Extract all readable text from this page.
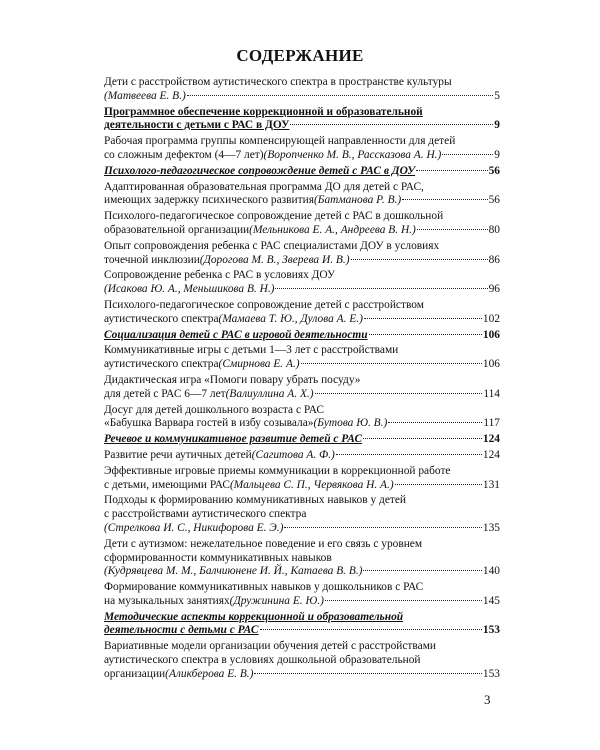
СОДЕРЖАНИЕ
Дети с расстройством аутистического спектра в пространстве культуры
(Матвеева Е. В.)	5
Программное обеспечение коррекционной и образовательной
деятельности с детьми с РАС в ДОУ	9
Рабочая программа группы компенсирующей направленности для детей
со сложным дефектом (4—7 лет) (Ворonченко М. В., Рассказова А. Н.)	9
Психолого-педагогическое сопровождение детей с РАС в ДОУ	56
Адаптированная образовательная программа ДО для детей с РАС,
имеющих задержку психического развития (Батманова Р. В.)	56
Психолого-педагогическое сопровождение детей с РАС в дошкольной
образовательной организации (Мельникова Е. А., Андреева В. Н.)	80
Опыт сопровождения ребенка с РАС специалистами ДОУ в условиях
точечной инклюзии (Дорогова М. В., Зверева И. В.)	86
Сопровождение ребенка с РАС в условиях ДОУ
(Исакова Ю. А., Меньшикова В. Н.)	96
Психолого-педагогическое сопровождение детей с расстройством
аутистического спектра (Мамаева Т. Ю., Дулова А. Е.)	102
Социализация детей с РАС в игровой деятельности	106
Коммуникативные игры с детьми 1—3 лет с расстройствами
аутистического спектра (Смирнова Е. А.)	106
Дидактическая игра «Помоги повару убрать посуду»
для детей с РАС 6—7 лет (Валиуллина А. Х.)	114
Досуг для детей дошкольного возраста с РАС
«Бабушка Варвара гостей в избу созывала» (Бутова Ю. В.)	117
Речевое и коммуникативное развитие детей с РАС	124
Развитие речи аутичных детей (Сагитова А. Ф.)	124
Эффективные игровые приемы коммуникации в коррекционной работе
с детьми, имеющими РАС (Мальцева С. П., Червякова Н. А.)	131
Подходы к формированию коммуникативных навыков у детей
с расстройствами аутистического спектра
(Стрелкова И. С., Никифорова Е. Э.)	135
Дети с аутизмом: нежелательное поведение и его связь с уровнем
сформированности коммуникативных навыков
(Кудрявцева М. М., Балчиюнене И. Й., Катаева В. В.)	140
Формирование коммуникативных навыков у дошкольников с РАС
на музыкальных занятиях (Дружинина Е. Ю.)	145
Методические аспекты коррекционной и образовательной
деятельности с детьми с РАС	153
Вариативные модели организации обучения детей с расстройствами
аутистического спектра в условиях дошкольной образовательной
организации (Аликберова Е. В.)	153
3
